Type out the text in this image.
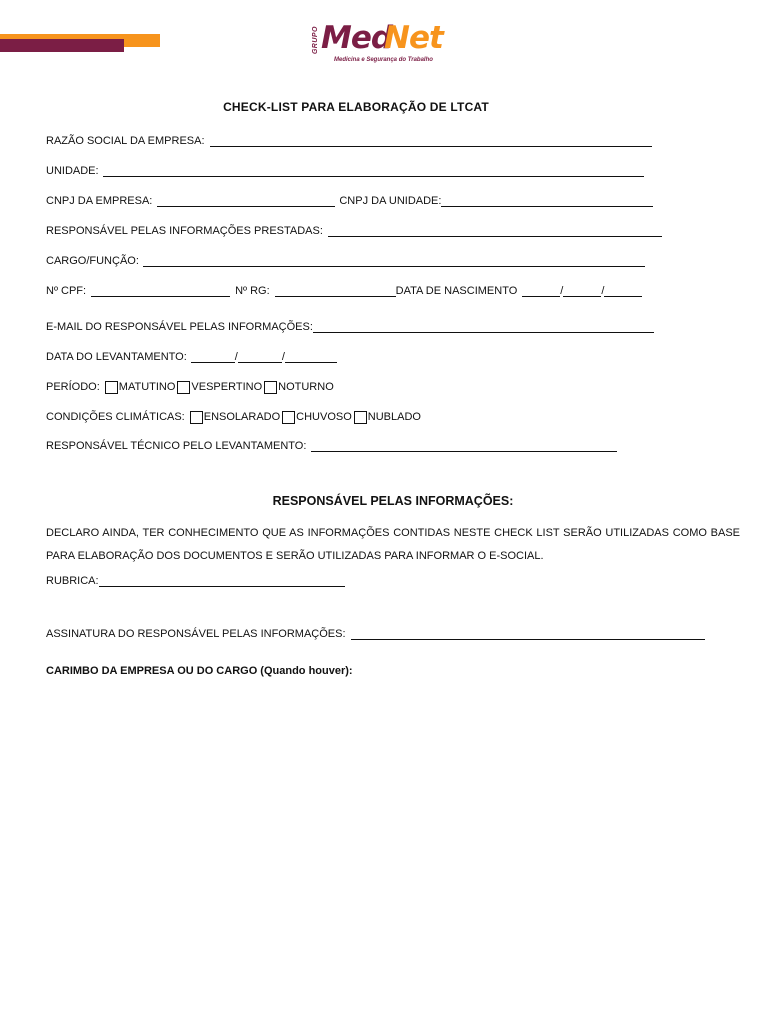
GRUPO Med
Net
Medicina e Segurança do Trabalho
CHECK-LIST PARA ELABORAÇÃO DE LTCAT
RAZÃO SOCIAL DA EMPRESA:
UNIDADE:
CNPJ DA EMPRESA:	CNPJ DA UNIDADE:
RESPONSÁVEL PELAS INFORMAÇÕES PRESTADAS:
CARGO/FUNÇÃO:
Nº CPF:	Nº RG:	DATA DE NASCIMENTO	/	/
E-MAIL DO RESPONSÁVEL PELAS INFORMAÇÕES:
DATA DO LEVANTAMENTO:	/	/
PERÍODO: MATUTINO VESPERTINO NOTURNO
CONDIÇÕES CLIMÁTICAS: ENSOLARADO CHUVOSO NUBLADO
RESPONSÁVEL TÉCNICO PELO LEVANTAMENTO:
RESPONSÁVEL PELAS INFORMAÇÕES:
DECLARO AINDA, TER CONHECIMENTO QUE AS INFORMAÇÕES CONTIDAS NESTE CHECK LIST SERÃO UTILIZADAS COMO BASE PARA ELABORAÇÃO DOS DOCUMENTOS E SERÃO UTILIZADAS PARA INFORMAR O E-SOCIAL.
RUBRICA:
ASSINATURA DO RESPONSÁVEL PELAS INFORMAÇÕES:
CARIMBO DA EMPRESA OU DO CARGO (Quando houver):
